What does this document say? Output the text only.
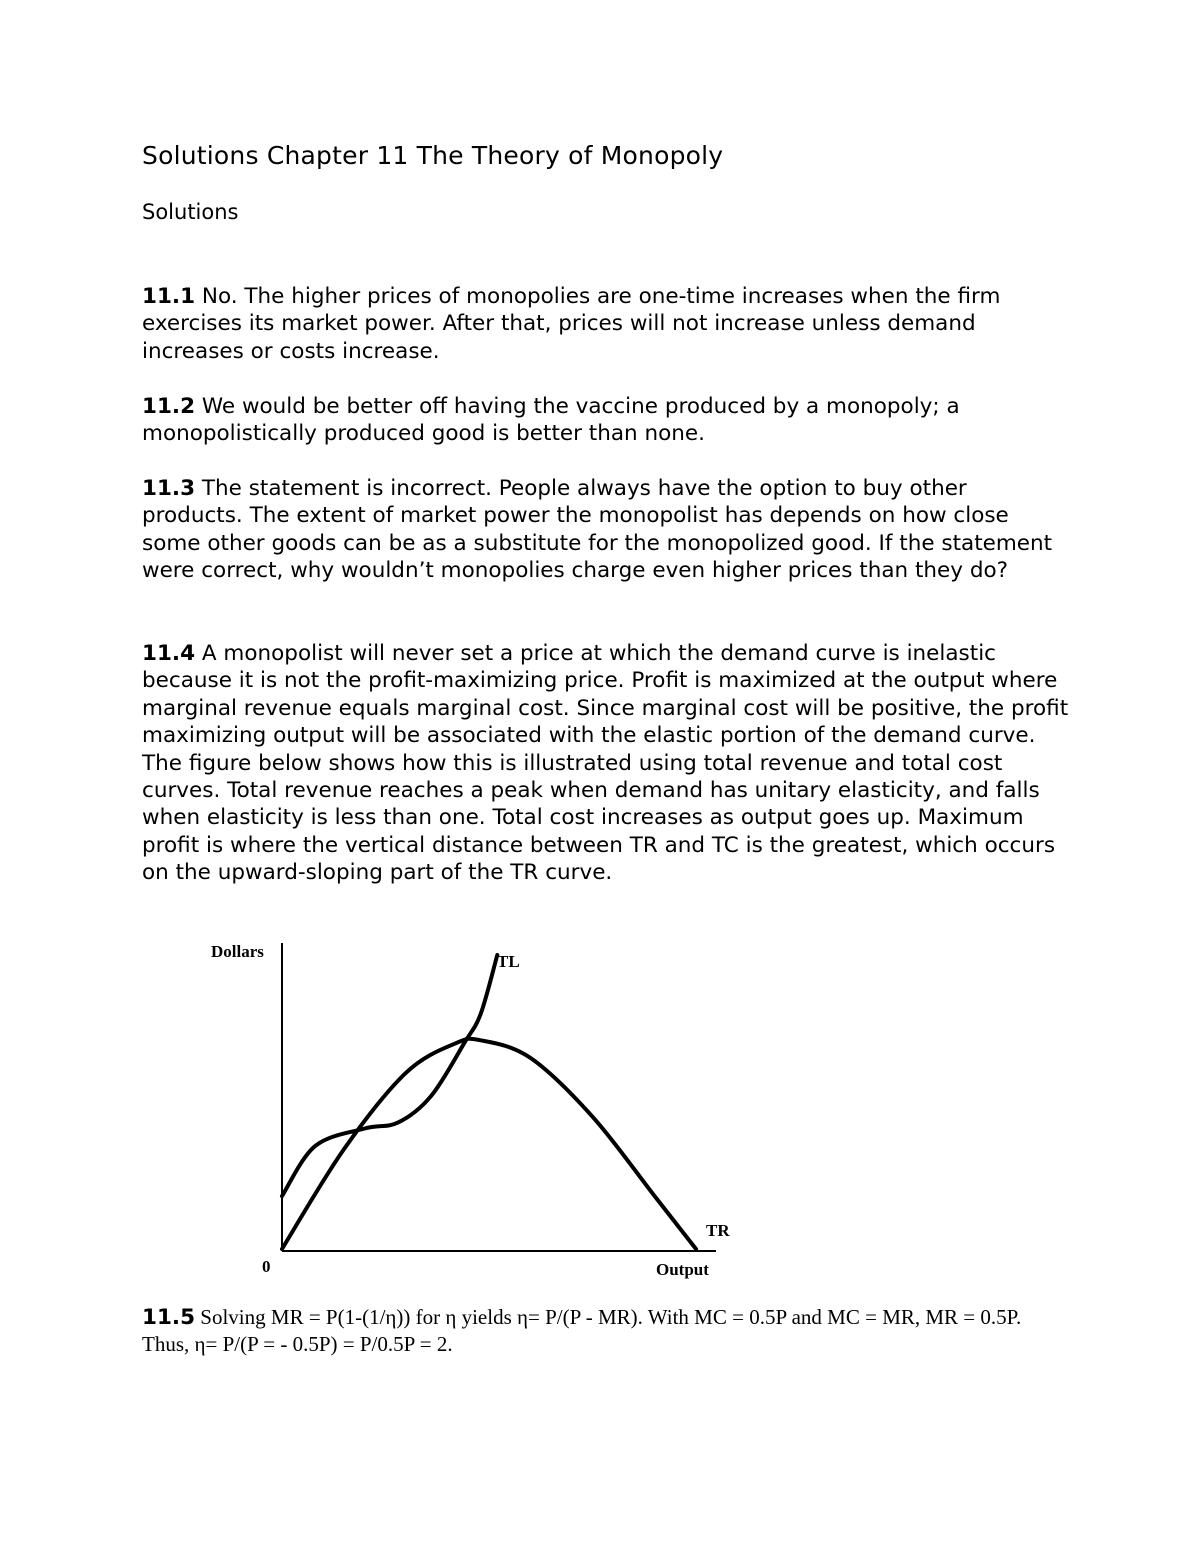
Solutions Chapter 11 The Theory of Monopoly
Solutions
11.1 No. The higher prices of monopolies are one-time increases when the firm exercises its market power. After that, prices will not increase unless demand increases or costs increase.
11.2 We would be better off having the vaccine produced by a monopoly; a monopolistically produced good is better than none.
11.3 The statement is incorrect. People always have the option to buy other products. The extent of market power the monopolist has depends on how close some other goods can be as a substitute for the monopolized good. If the statement were correct, why wouldn’t monopolies charge even higher prices than they do?
11.4 A monopolist will never set a price at which the demand curve is inelastic because it is not the profit-maximizing price. Profit is maximized at the output where marginal revenue equals marginal cost. Since marginal cost will be positive, the profit maximizing output will be associated with the elastic portion of the demand curve. The figure below shows how this is illustrated using total revenue and total cost curves. Total revenue reaches a peak when demand has unitary elasticity, and falls when elasticity is less than one. Total cost increases as output goes up. Maximum profit is where the vertical distance between TR and TC is the greatest, which occurs on the upward-sloping part of the TR curve.
Dollars
Output
0
TL
TR
11.5 Solving MR = P(1-(1/η)) for η yields η= P/(P - MR). With MC = 0.5P and MC = MR, MR = 0.5P. Thus, η= P/(P = - 0.5P) = P/0.5P = 2.
